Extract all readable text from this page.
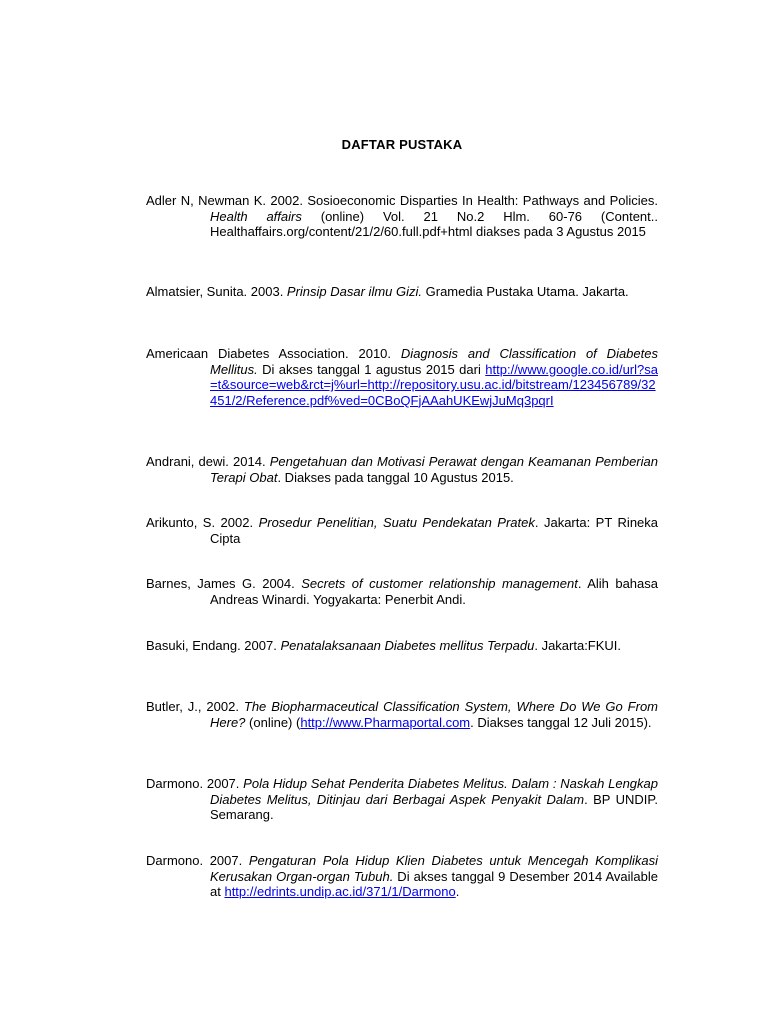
DAFTAR PUSTAKA
Adler N, Newman K. 2002. Sosioeconomic Disparties In Health: Pathways and Policies. Health affairs (online) Vol. 21 No.2 Hlm. 60-76 (Content.. Healthaffairs.org/content/21/2/60.full.pdf+html diakses pada 3 Agustus 2015
Almatsier, Sunita. 2003. Prinsip Dasar ilmu Gizi. Gramedia Pustaka Utama. Jakarta.
Americaan Diabetes Association. 2010. Diagnosis and Classification of Diabetes Mellitus. Di akses tanggal 1 agustus 2015 dari http://www.google.co.id/url?sa=t&source=web&rct=j%url=http://repository.usu.ac.id/bitstream/123456789/32451/2/Reference.pdf%ved=0CBoQFjAAahUKEwjJuMq3pqrI
Andrani, dewi. 2014. Pengetahuan dan Motivasi Perawat dengan Keamanan Pemberian Terapi Obat. Diakses pada tanggal 10 Agustus 2015.
Arikunto, S. 2002. Prosedur Penelitian, Suatu Pendekatan Pratek. Jakarta: PT Rineka Cipta
Barnes, James G. 2004. Secrets of customer relationship management. Alih bahasa Andreas Winardi. Yogyakarta: Penerbit Andi.
Basuki, Endang. 2007. Penatalaksanaan Diabetes mellitus Terpadu. Jakarta:FKUI.
Butler, J., 2002. The Biopharmaceutical Classification System, Where Do We Go From Here? (online) (http://www.Pharmaportal.com. Diakses tanggal 12 Juli 2015).
Darmono. 2007. Pola Hidup Sehat Penderita Diabetes Melitus. Dalam : Naskah Lengkap Diabetes Melitus, Ditinjau dari Berbagai Aspek Penyakit Dalam. BP UNDIP. Semarang.
Darmono. 2007. Pengaturan Pola Hidup Klien Diabetes untuk Mencegah Komplikasi Kerusakan Organ-organ Tubuh. Di akses tanggal 9 Desember 2014 Available at http://edrints.undip.ac.id/371/1/Darmono.
